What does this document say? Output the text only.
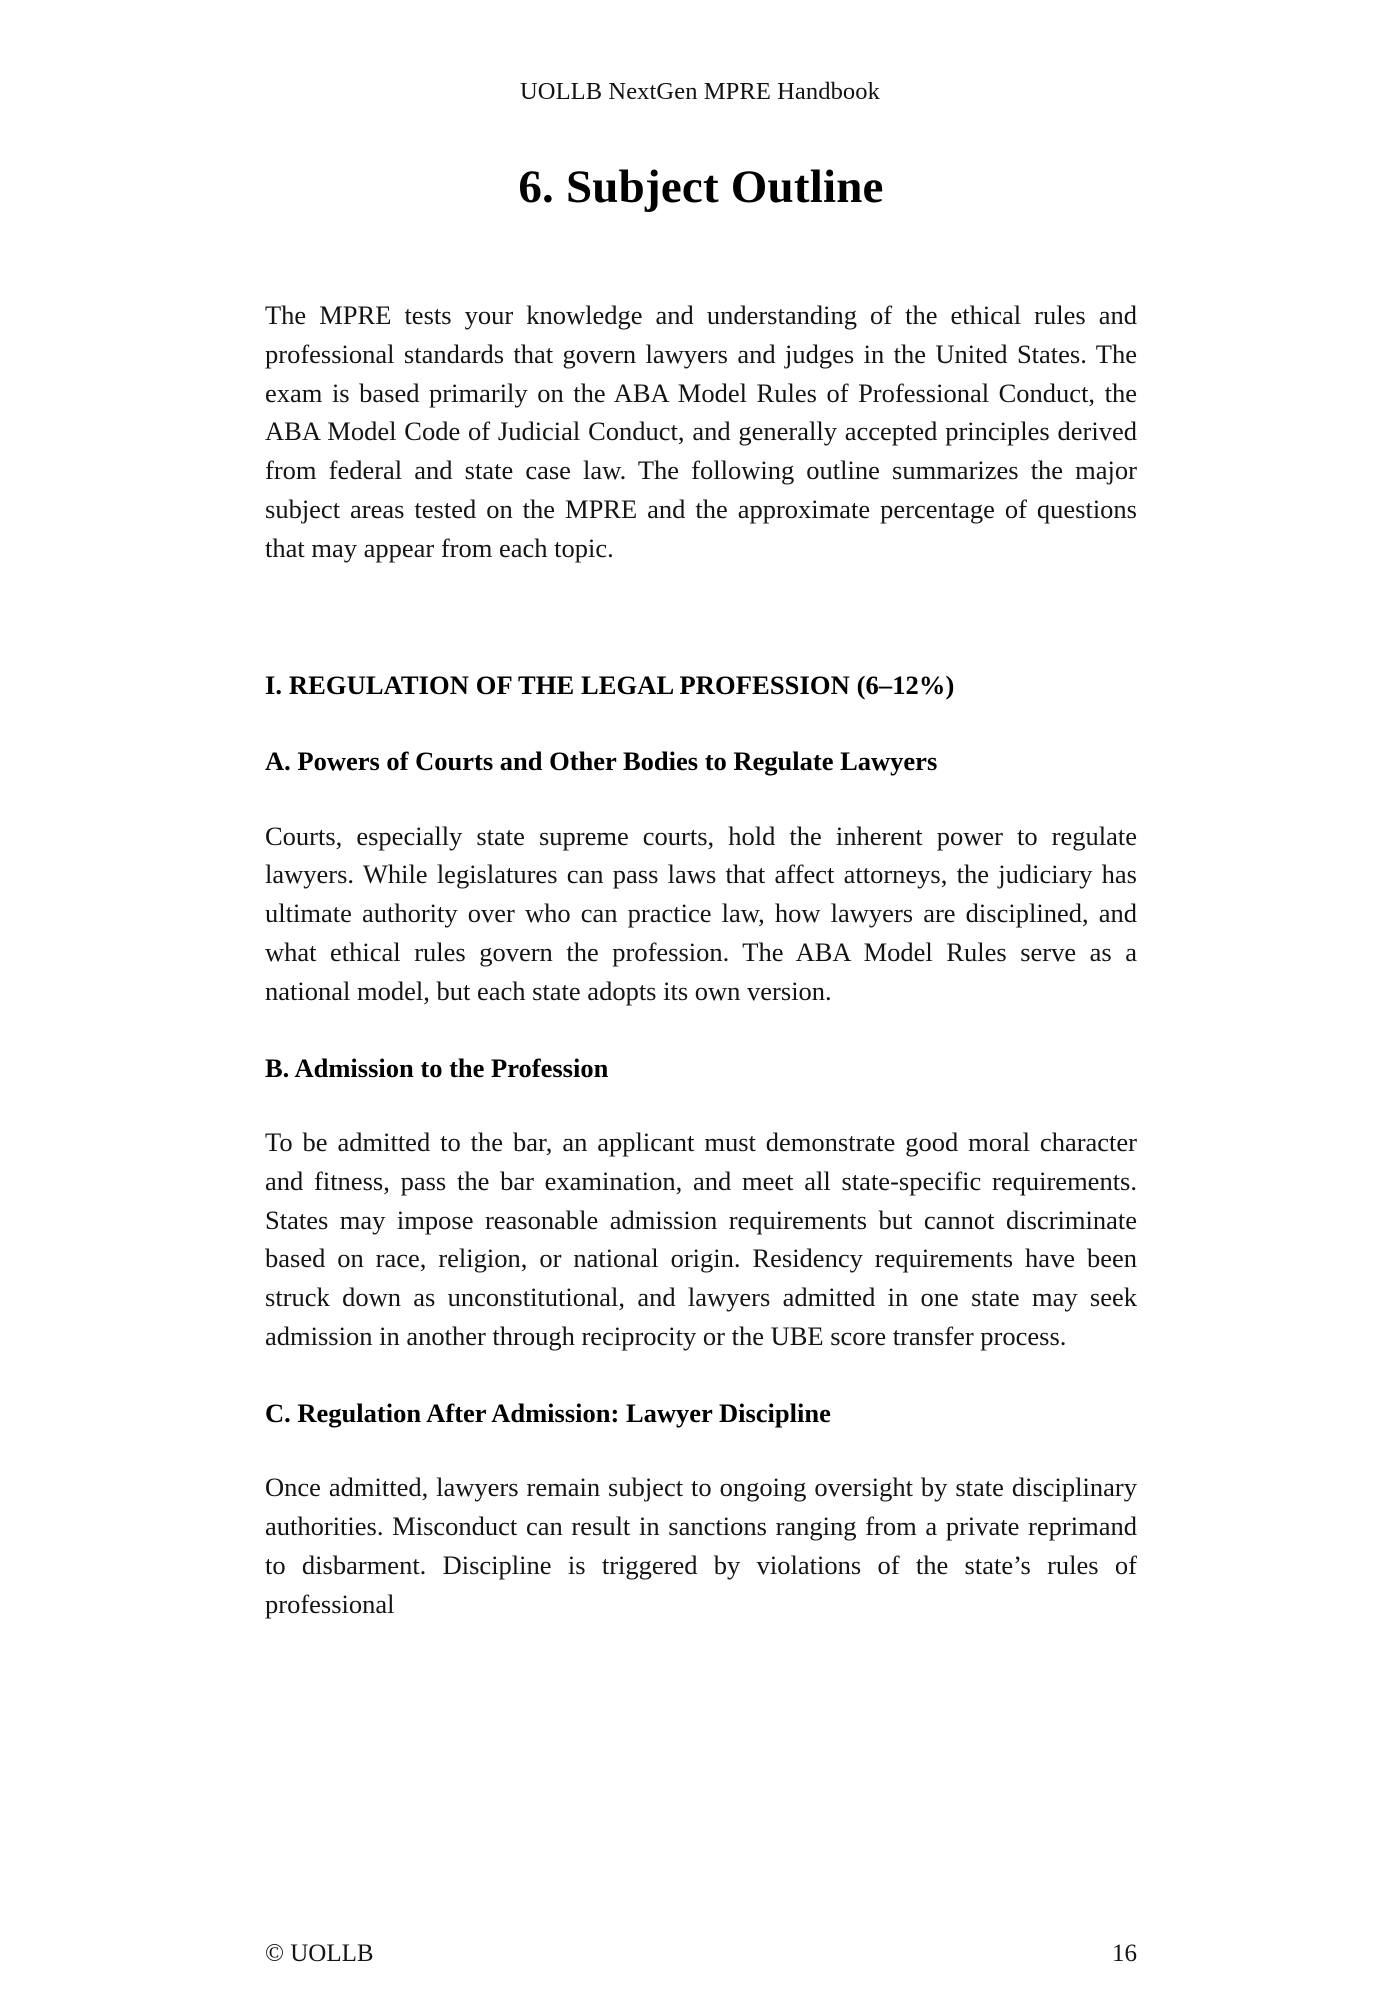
UOLLB NextGen MPRE Handbook
6. Subject Outline

The MPRE tests your knowledge and understanding of the ethical rules and professional standards that govern lawyers and judges in the United States. The exam is based primarily on the ABA Model Rules of Professional Conduct, the ABA Model Code of Judicial Conduct, and generally accepted principles derived from federal and state case law. The following outline summarizes the major subject areas tested on the MPRE and the approximate percentage of questions that may appear from each topic.

I. REGULATION OF THE LEGAL PROFESSION (6–12%)
A. Powers of Courts and Other Bodies to Regulate Lawyers

Courts, especially state supreme courts, hold the inherent power to regulate lawyers. While legislatures can pass laws that affect attorneys, the judiciary has ultimate authority over who can practice law, how lawyers are disciplined, and what ethical rules govern the profession. The ABA Model Rules serve as a national model, but each state adopts its own version.

B. Admission to the Profession

To be admitted to the bar, an applicant must demonstrate good moral character and fitness, pass the bar examination, and meet all state-specific requirements. States may impose reasonable admission requirements but cannot discriminate based on race, religion, or national origin. Residency requirements have been struck down as unconstitutional, and lawyers admitted in one state may seek admission in another through reciprocity or the UBE score transfer process.

C. Regulation After Admission: Lawyer Discipline

Once admitted, lawyers remain subject to ongoing oversight by state disciplinary authorities. Misconduct can result in sanctions ranging from a private reprimand to disbarment. Discipline is triggered by violations of the state’s rules of professional

© UOLLB	16
